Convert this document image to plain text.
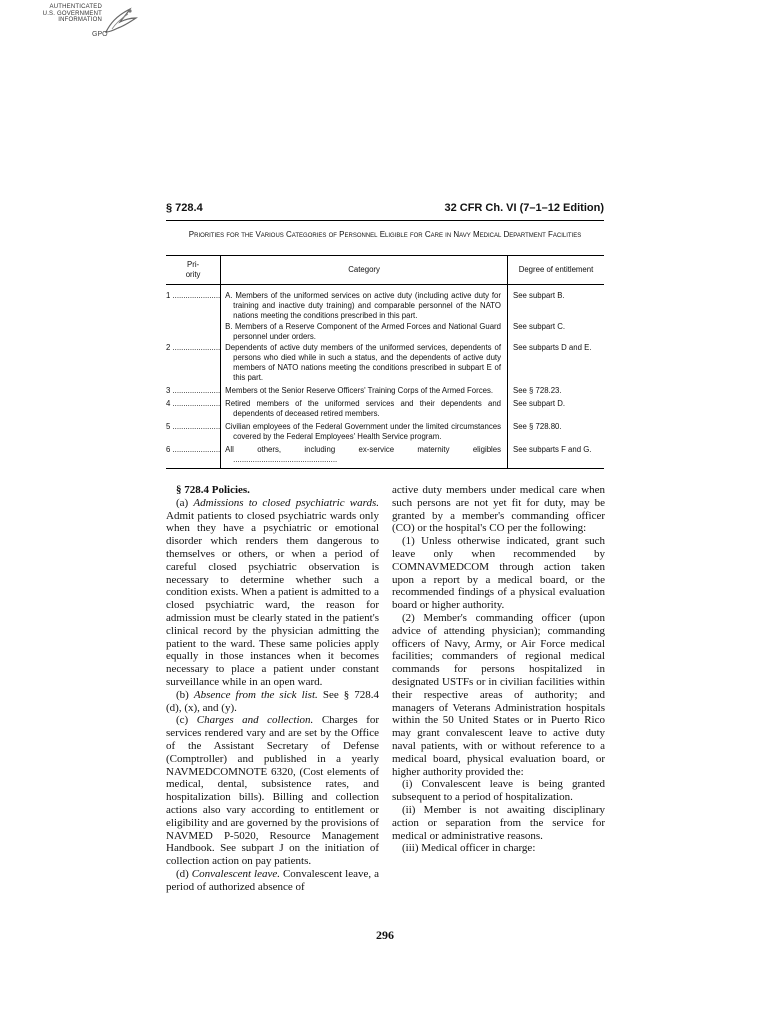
AUTHENTICATED
U.S. GOVERNMENT
INFORMATION
GPO
§ 728.4	32 CFR Ch. VI (7–1–12 Edition)
Priorities for the Various Categories of Personnel Eligible for Care in Navy Medical Department Facilities
Pri-
ority	Category	Degree of entitlement
1 ......................	A. Members of the uniformed services on active duty (including active duty for training and inactive duty training) and comparable personnel of the NATO nations meeting the conditions prescribed in this part.	See subpart B.

	B. Members of a Reserve Component of the Armed Forces and National Guard personnel under orders.	See subpart C.
2 ......................	Dependents of active duty members of the uniformed services, dependents of persons who died while in such a status, and the dependents of active duty members of NATO nations meeting the conditions prescribed in subpart E of this part.	See subparts D and E.
3 ......................	Members ot the Senior Reserve Officers' Training Corps of the Armed Forces.	See § 728.23.
4 ......................	Retired members of the uniformed services and their dependents and dependents of deceased retired members.	See subpart D.
5 ......................	Civilian employees of the Federal Government under the limited circumstances covered by the Federal Employees' Health Service program.	See § 728.80.
6 ......................	All others, including ex-service maternity eligibles ................................................	See subparts F and G.

§ 728.4 Policies.

(a) Admissions to closed psychiatric wards. Admit patients to closed psychiatric wards only when they have a psychiatric or emotional disorder which renders them dangerous to themselves or others, or when a period of careful closed psychiatric observation is necessary to determine whether such a condition exists. When a patient is admitted to a closed psychiatric ward, the reason for admission must be clearly stated in the patient's clinical record by the physician admitting the patient to the ward. These same policies apply equally in those instances when it becomes necessary to place a patient under constant surveillance while in an open ward.

(b) Absence from the sick list. See § 728.4 (d), (x), and (y).

(c) Charges and collection. Charges for services rendered vary and are set by the Office of the Assistant Secretary of Defense (Comptroller) and published in a yearly NAVMEDCOMNOTE 6320, (Cost elements of medical, dental, subsistence rates, and hospitalization bills). Billing and collection actions also vary according to entitlement or eligibility and are governed by the provisions of NAVMED P-5020, Resource Management Handbook. See subpart J on the initiation of collection action on pay patients.

(d) Convalescent leave. Convalescent leave, a period of authorized absence of

active duty members under medical care when such persons are not yet fit for duty, may be granted by a member's commanding officer (CO) or the hospital's CO per the following:

(1) Unless otherwise indicated, grant such leave only when recommended by COMNAVMEDCOM through action taken upon a report by a medical board, or the recommended findings of a physical evaluation board or higher authority.

(2) Member's commanding officer (upon advice of attending physician); commanding officers of Navy, Army, or Air Force medical facilities; commanders of regional medical commands for persons hospitalized in designated USTFs or in civilian facilities within their respective areas of authority; and managers of Veterans Administration hospitals within the 50 United States or in Puerto Rico may grant convalescent leave to active duty naval patients, with or without reference to a medical board, physical evaluation board, or higher authority provided the:

(i) Convalescent leave is being granted subsequent to a period of hospitalization.

(ii) Member is not awaiting disciplinary action or separation from the service for medical or administrative reasons.

(iii) Medical officer in charge:

296
